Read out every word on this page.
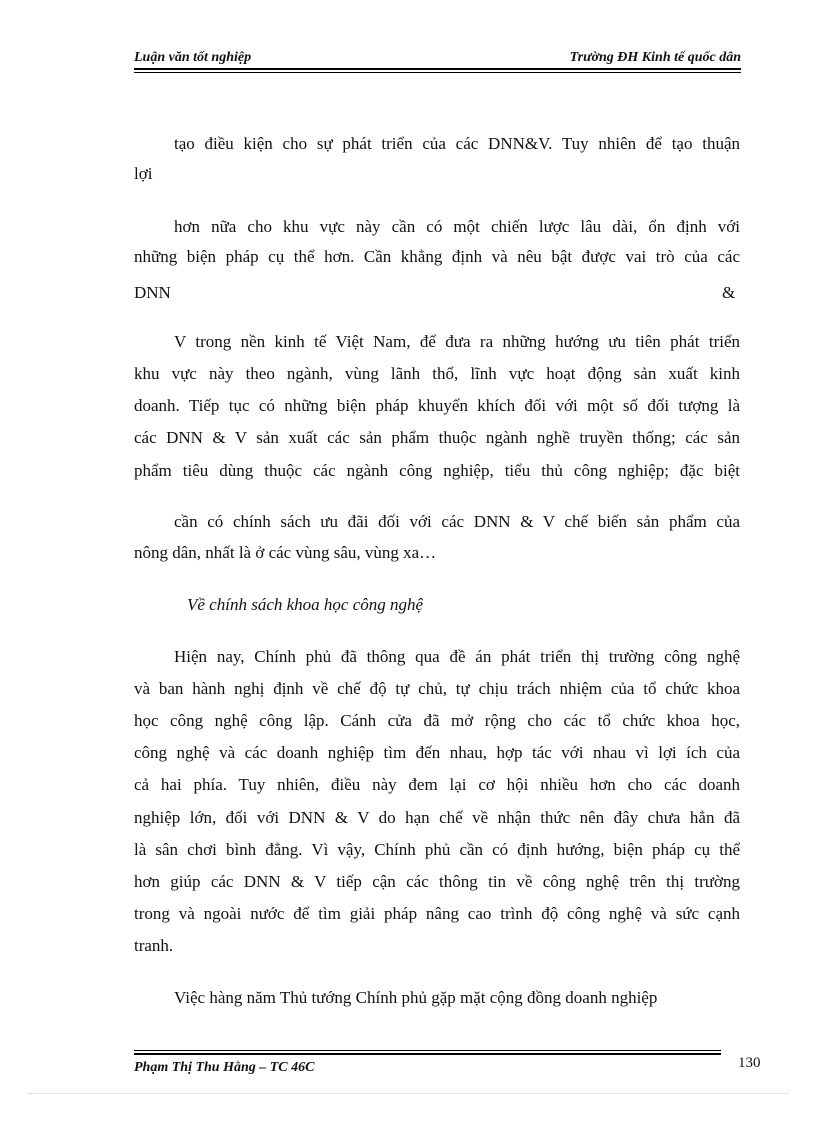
Luận văn tốt nghiệp	Trường ĐH Kinh tế quốc dân
tạo điều kiện cho sự phát triển của các DNN&V. Tuy nhiên để tạo thuận
lợi
hơn nữa cho khu vực này cần có một chiến lược lâu dài, ổn định với
những biện pháp cụ thể hơn. Cần khẳng định và nêu bật được vai trò của các
DNN	&
V trong nền kinh tế Việt Nam, để đưa ra những hướng ưu tiên phát triển
khu vực này theo ngành, vùng lãnh thổ, lĩnh vực hoạt động sản xuất kinh
doanh. Tiếp tục có những biện pháp khuyến khích đối với một số đối tượng là
các DNN & V sản xuất các sản phẩm thuộc ngành nghề truyền thống; các sản
phẩm tiêu dùng thuộc các ngành công nghiệp, tiểu thủ công nghiệp; đặc biệt
cần có chính sách ưu đãi đối với các DNN & V chế biến sản phẩm của
nông dân, nhất là ở các vùng sâu, vùng xa…
Về chính sách khoa học công nghệ
Hiện nay, Chính phủ đã thông qua đề án phát triển thị trường công nghệ
và ban hành nghị định về chế độ tự chủ, tự chịu trách nhiệm của tổ chức khoa
học công nghệ công lập. Cánh cửa đã mở rộng cho các tổ chức khoa học,
công nghệ và các doanh nghiệp tìm đến nhau, hợp tác với nhau vì lợi ích của
cả hai phía. Tuy nhiên, điều này đem lại cơ hội nhiều hơn cho các doanh
nghiệp lớn, đối với DNN & V do hạn chế về nhận thức nên đây chưa hẳn đã
là sân chơi bình đẳng. Vì vậy, Chính phủ cần có định hướng, biện pháp cụ thể
hơn giúp các DNN & V tiếp cận các thông tin về công nghệ trên thị trường
trong và ngoài nước để tìm giải pháp nâng cao trình độ công nghệ và sức cạnh
tranh.
Việc hàng năm Thủ tướng Chính phủ gặp mặt cộng đồng doanh nghiệp
Phạm Thị Thu Hằng – TC 46C	130
